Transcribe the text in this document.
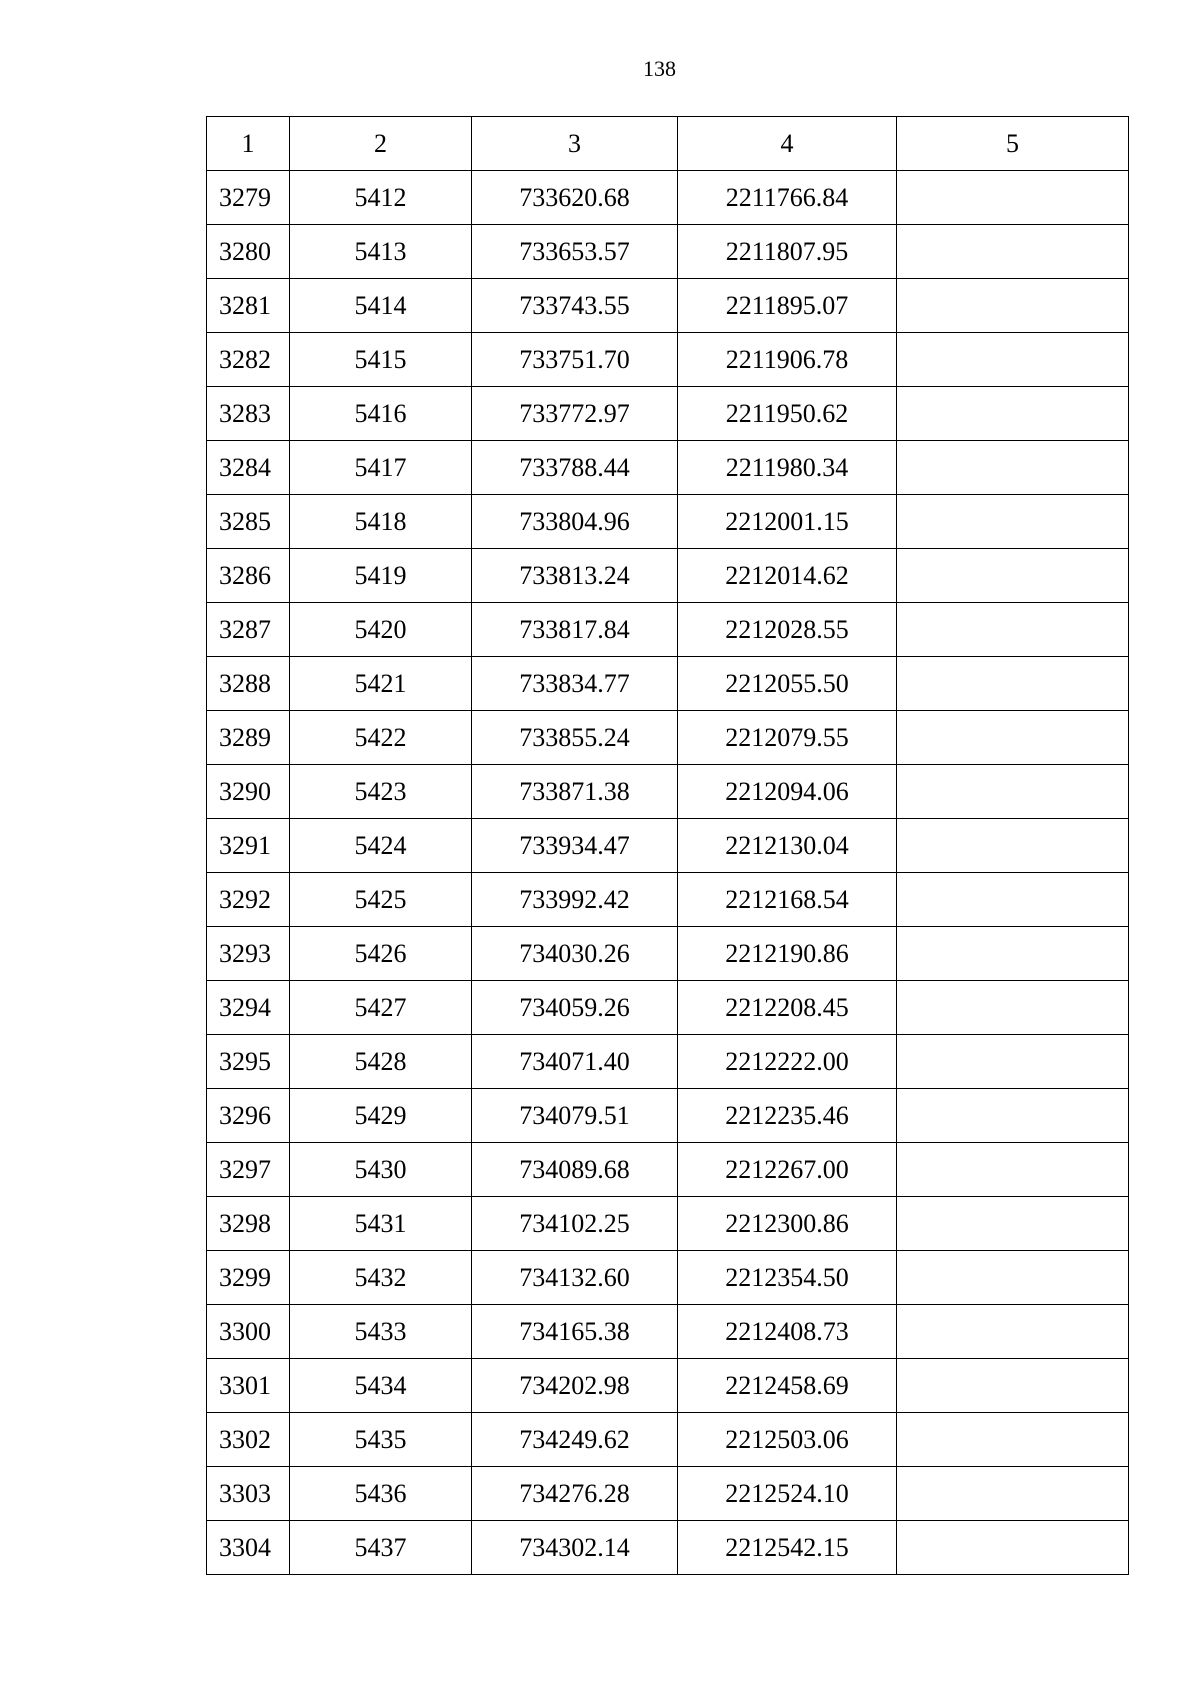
138
1	2	3	4	5
3279	5412	733620.68	2211766.84	
3280	5413	733653.57	2211807.95	
3281	5414	733743.55	2211895.07	
3282	5415	733751.70	2211906.78	
3283	5416	733772.97	2211950.62	
3284	5417	733788.44	2211980.34	
3285	5418	733804.96	2212001.15	
3286	5419	733813.24	2212014.62	
3287	5420	733817.84	2212028.55	
3288	5421	733834.77	2212055.50	
3289	5422	733855.24	2212079.55	
3290	5423	733871.38	2212094.06	
3291	5424	733934.47	2212130.04	
3292	5425	733992.42	2212168.54	
3293	5426	734030.26	2212190.86	
3294	5427	734059.26	2212208.45	
3295	5428	734071.40	2212222.00	
3296	5429	734079.51	2212235.46	
3297	5430	734089.68	2212267.00	
3298	5431	734102.25	2212300.86	
3299	5432	734132.60	2212354.50	
3300	5433	734165.38	2212408.73	
3301	5434	734202.98	2212458.69	
3302	5435	734249.62	2212503.06	
3303	5436	734276.28	2212524.10	
3304	5437	734302.14	2212542.15	
